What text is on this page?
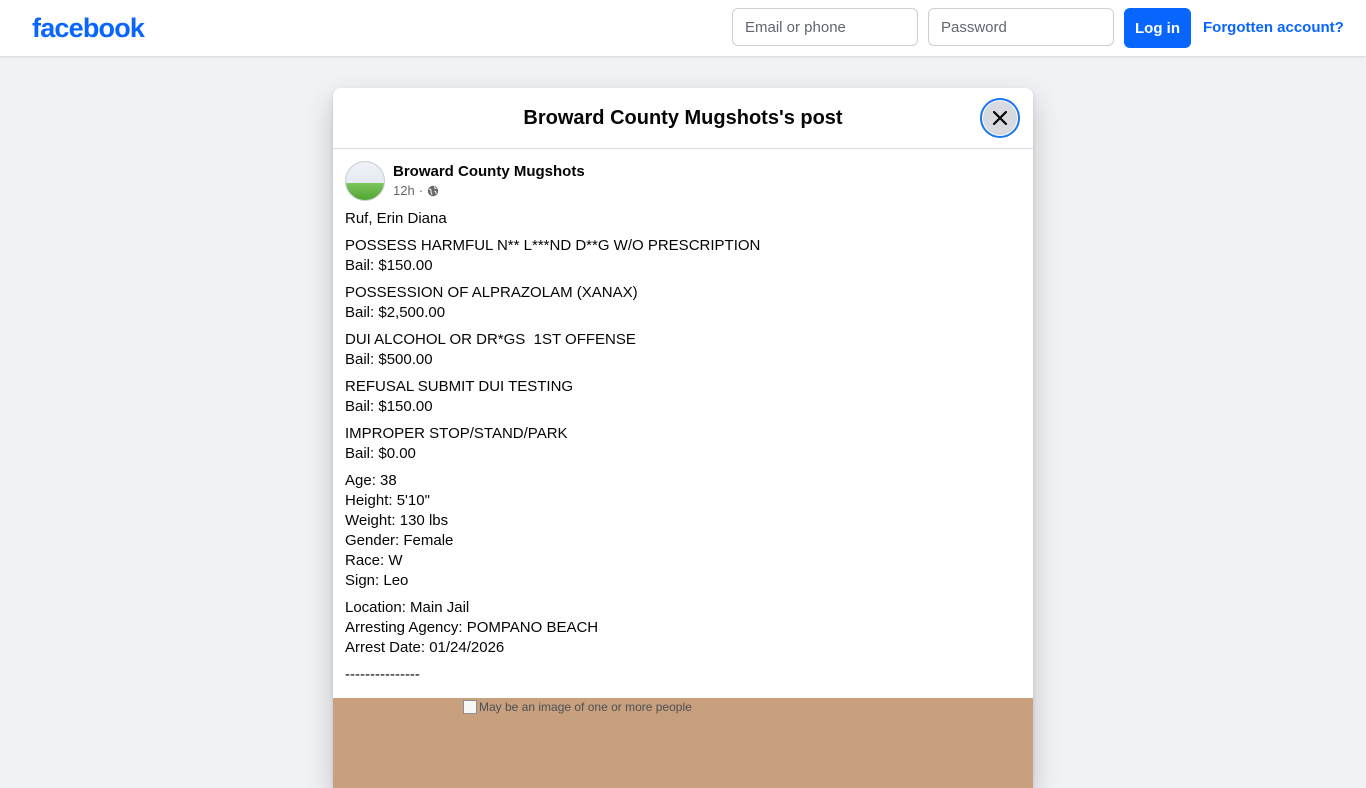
facebook
Email or phone	Log in	Forgotten account?
Broward County Mugshots's post
Broward County Mugshots
12h ·

Ruf, Erin Diana

POSSESS HARMFUL N** L***ND D**G W/O PRESCRIPTION
Bail: $150.00

POSSESSION OF ALPRAZOLAM (XANAX)
Bail: $2,500.00

DUI ALCOHOL OR DR*GS  1ST OFFENSE
Bail: $500.00

REFUSAL SUBMIT DUI TESTING
Bail: $150.00

IMPROPER STOP/STAND/PARK
Bail: $0.00

Age: 38
Height: 5'10"
Weight: 130 lbs
Gender: Female
Race: W
Sign: Leo

Location: Main Jail
Arresting Agency: POMPANO BEACH
Arrest Date: 01/24/2026

---------------

May be an image of one or more people
